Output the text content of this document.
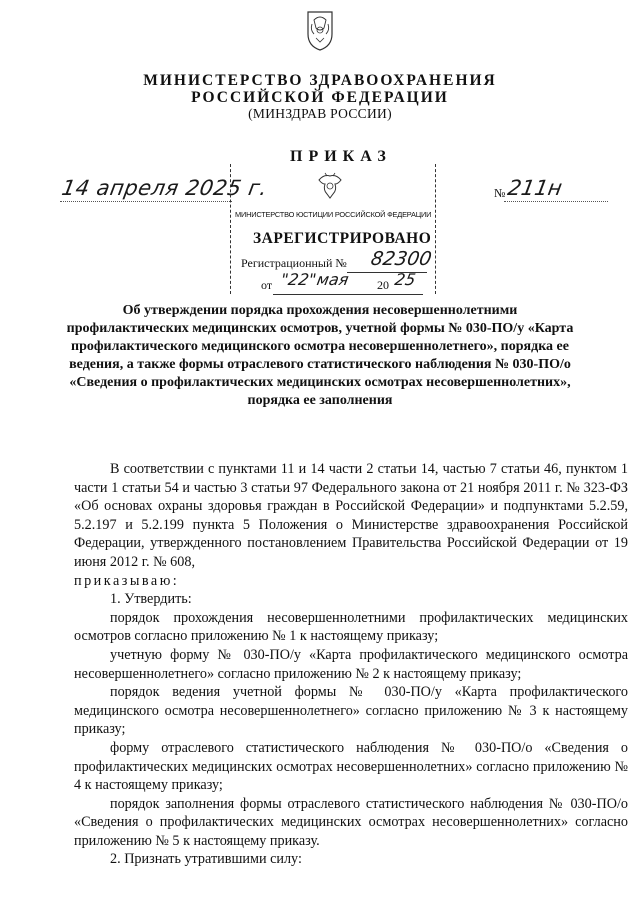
МИНИСТЕРСТВО ЗДРАВООХРАНЕНИЯ
РОССИЙСКОЙ ФЕДЕРАЦИИ
(МИНЗДРАВ РОССИИ)
ПРИКАЗ
14 апреля 2025 г.	№ 211н
МИНИСТЕРСТВО ЮСТИЦИИ РОССИЙСКОЙ ФЕДЕРАЦИИ
ЗАРЕГИСТРИРОВАНО
Регистрационный № 82300
от "22"
мая 20 25
Об утверждении порядка прохождения несовершеннолетними профилактических медицинских осмотров, учетной формы № 030-ПО/у «Карта профилактического медицинского осмотра несовершеннолетнего», порядка ее ведения, а также формы отраслевого статистического наблюдения № 030-ПО/о «Сведения о профилактических медицинских осмотрах несовершеннолетних», порядка ее заполнения

В соответствии с пунктами 11 и 14 части 2 статьи 14, частью 7 статьи 46, пунктом 1 части 1 статьи 54 и частью 3 статьи 97 Федерального закона от 21 ноября 2011 г. № 323-ФЗ «Об основах охраны здоровья граждан в Российской Федерации» и подпунктами 5.2.59, 5.2.197 и 5.2.199 пункта 5 Положения о Министерстве здравоохранения Российской Федерации, утвержденного постановлением Правительства Российской Федерации от 19 июня 2012 г. № 608,

приказываю:

1. Утвердить:

порядок прохождения несовершеннолетними профилактических медицинских осмотров согласно приложению № 1 к настоящему приказу;

учетную форму № 030-ПО/у «Карта профилактического медицинского осмотра несовершеннолетнего» согласно приложению № 2 к настоящему приказу;

порядок ведения учетной формы № 030-ПО/у «Карта профилактического медицинского осмотра несовершеннолетнего» согласно приложению № 3 к настоящему приказу;

форму отраслевого статистического наблюдения № 030-ПО/о «Сведения о профилактических медицинских осмотрах несовершеннолетних» согласно приложению № 4 к настоящему приказу;

порядок заполнения формы отраслевого статистического наблюдения № 030-ПО/о «Сведения о профилактических медицинских осмотрах несовершеннолетних» согласно приложению № 5 к настоящему приказу.

2. Признать утратившими силу:
